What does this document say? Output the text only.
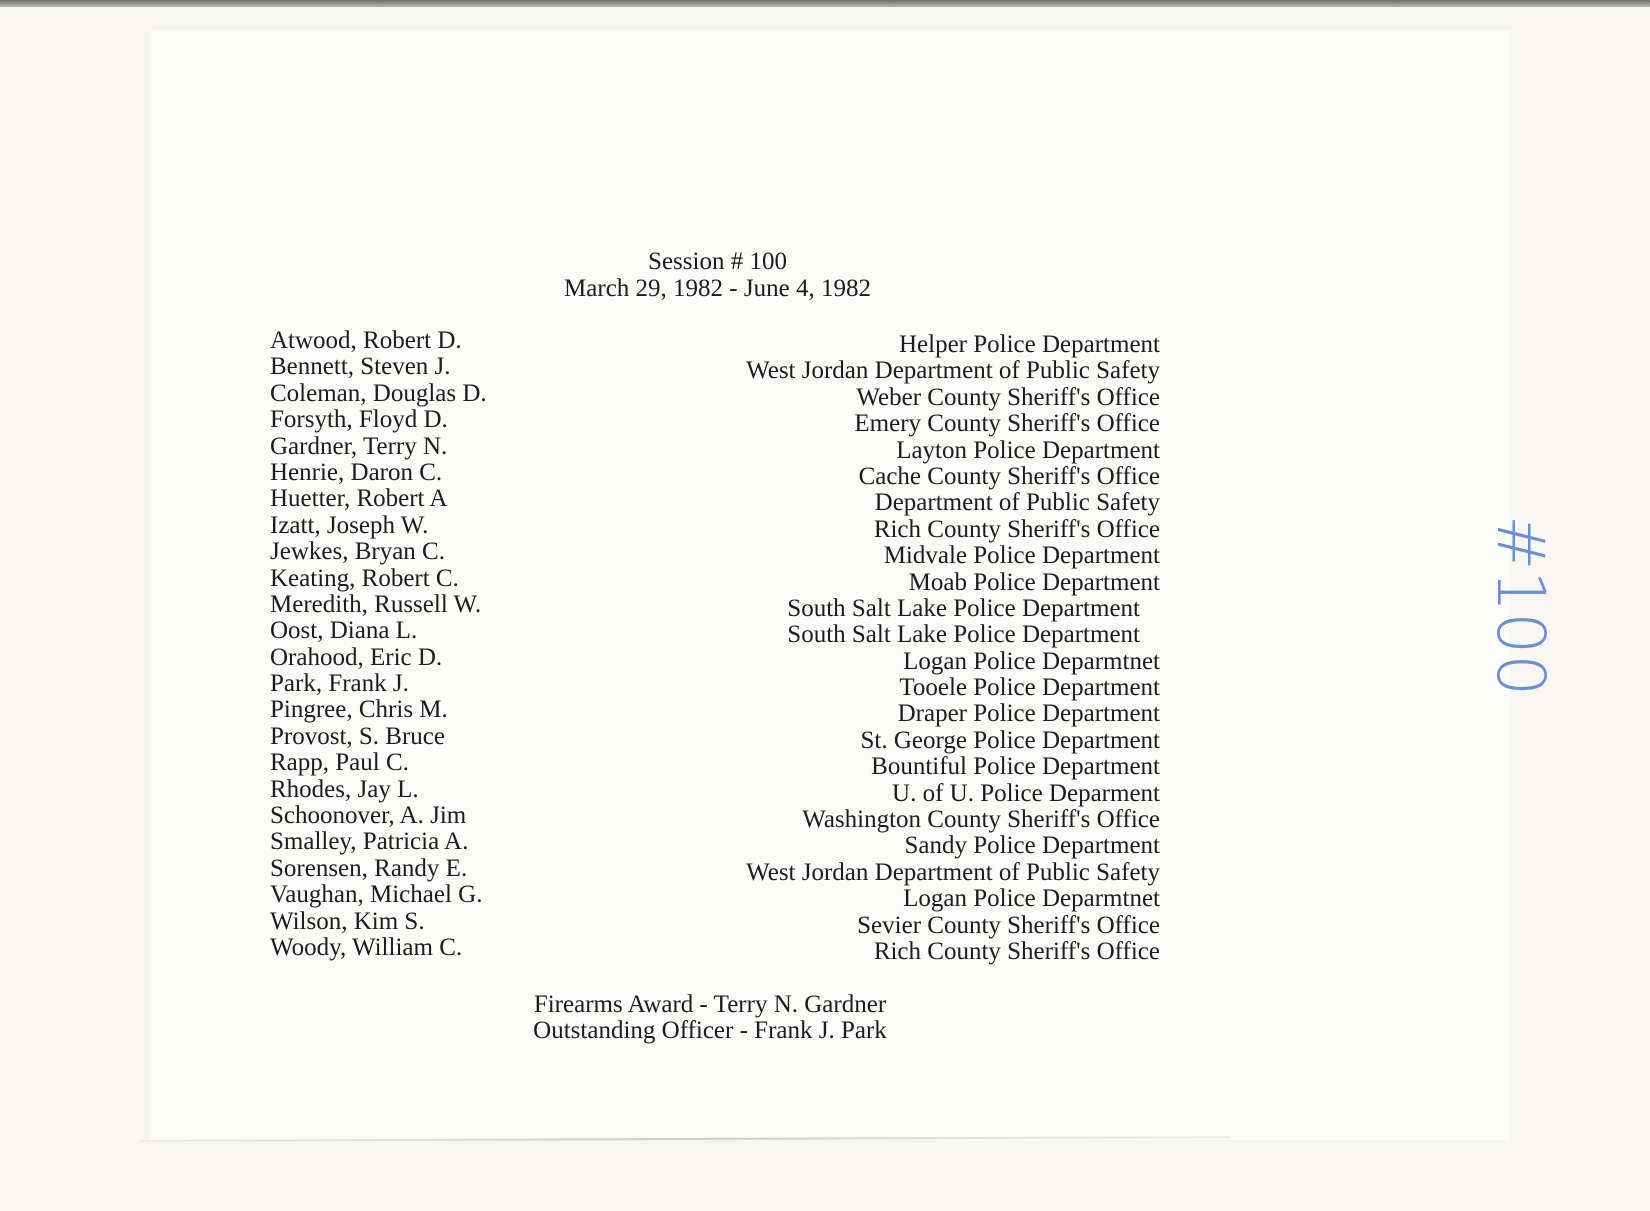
Session # 100
March 29, 1982 - June 4, 1982
Atwood, Robert D.
Bennett, Steven J.
Coleman, Douglas D.
Forsyth, Floyd D.
Gardner, Terry N.
Henrie, Daron C.
Huetter, Robert A
Izatt, Joseph W.
Jewkes, Bryan C.
Keating, Robert C.
Meredith, Russell W.
Oost, Diana L.
Orahood, Eric D.
Park, Frank J.
Pingree, Chris M.
Provost, S. Bruce
Rapp, Paul C.
Rhodes, Jay L.
Schoonover, A. Jim
Smalley, Patricia A.
Sorensen, Randy E.
Vaughan, Michael G.
Wilson, Kim S.
Woody, William C.
Helper Police Department
West Jordan Department of Public Safety
Weber County Sheriff's Office
Emery County Sheriff's Office
Layton Police Department
Cache County Sheriff's Office
Department of Public Safety
Rich County Sheriff's Office
Midvale Police Department
Moab Police Department
South Salt Lake Police Department
South Salt Lake Police Department
Logan Police Deparmtnet
Tooele Police Department
Draper Police Department
St. George Police Department
Bountiful Police Department
U. of U. Police Deparment
Washington County Sheriff's Office
Sandy Police Department
West Jordan Department of Public Safety
Logan Police Deparmtnet
Sevier County Sheriff's Office
Rich County Sheriff's Office
Firearms Award - Terry N. Gardner
Outstanding Officer - Frank J. Park
#100
